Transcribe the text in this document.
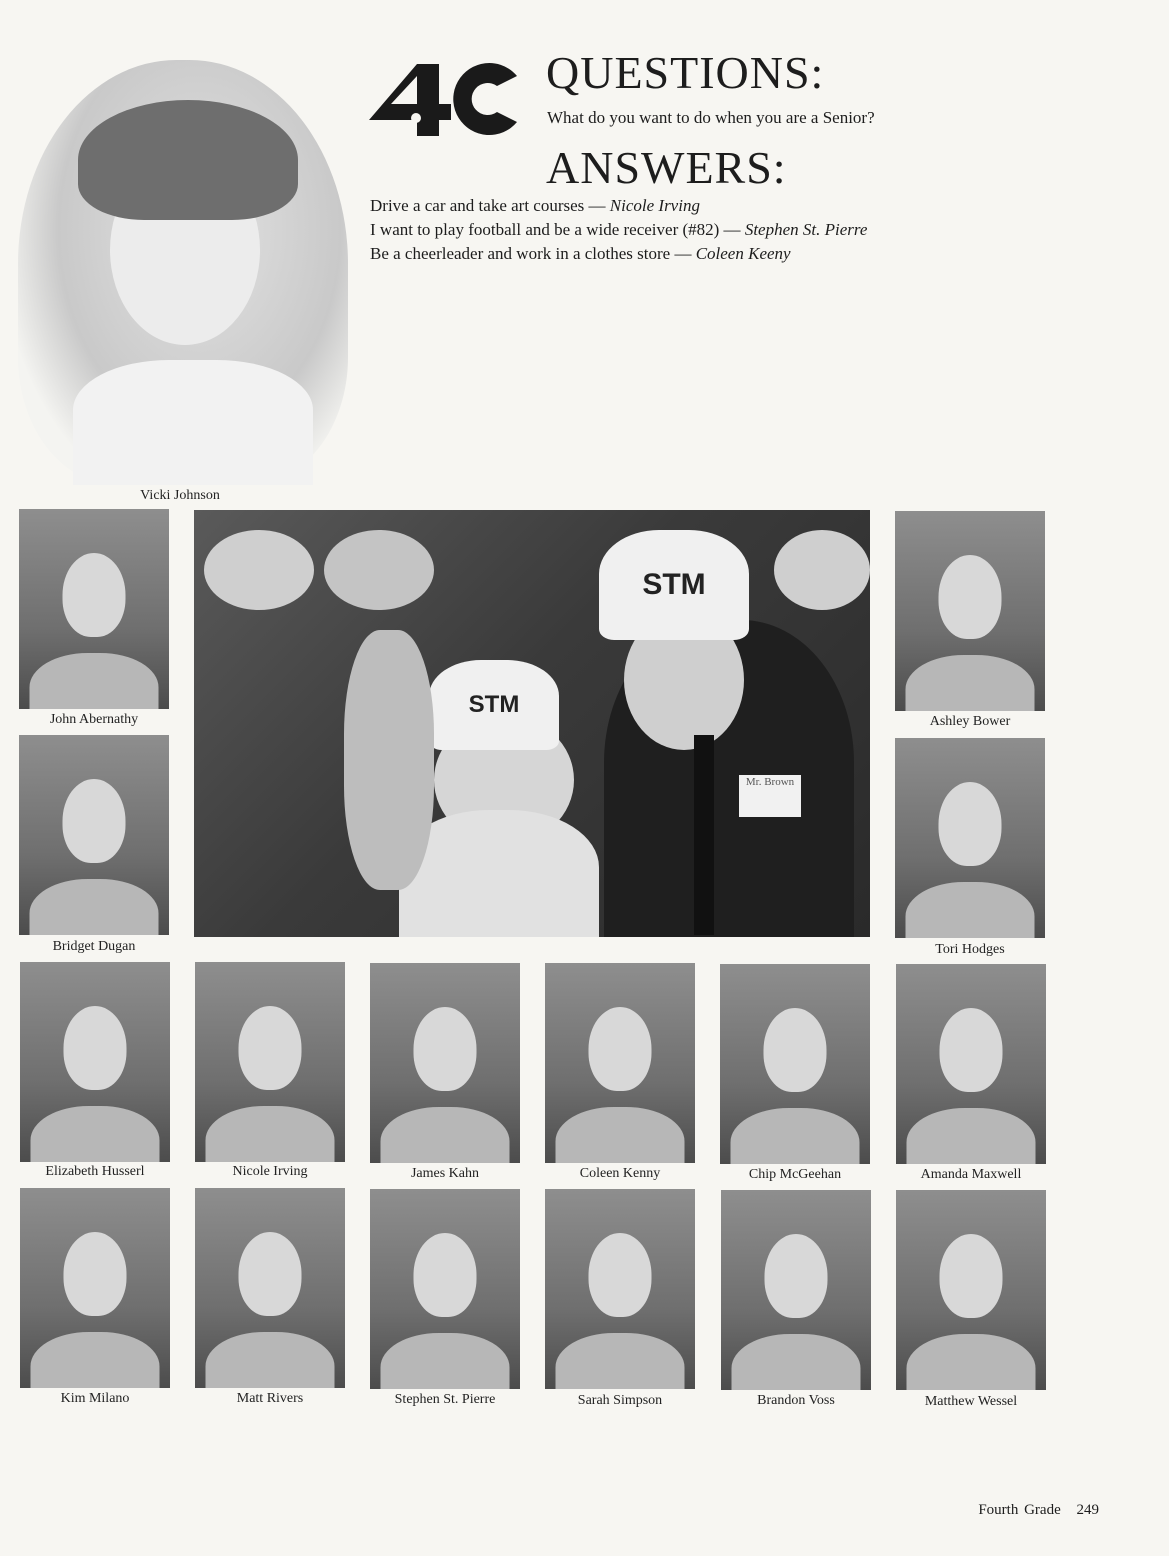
Vicki Johnson
QUESTIONS:
What do you want to do when you are a Senior?
ANSWERS:
Drive a car and take art courses — Nicole Irving
I want to play football and be a wide receiver (#82) — Stephen St. Pierre
Be a cheerleader and work in a clothes store — Coleen Keeny
STM
Mr. Brown
STM
John Abernathy
Bridget Dugan
Ashley Bower
Tori Hodges
Elizabeth Husserl	Nicole Irving	James Kahn	Coleen Kenny	Chip McGeehan	Amanda Maxwell
Kim Milano	Matt Rivers	Stephen St. Pierre	Sarah Simpson	Brandon Voss	Matthew Wessel
Fourth Grade 249
